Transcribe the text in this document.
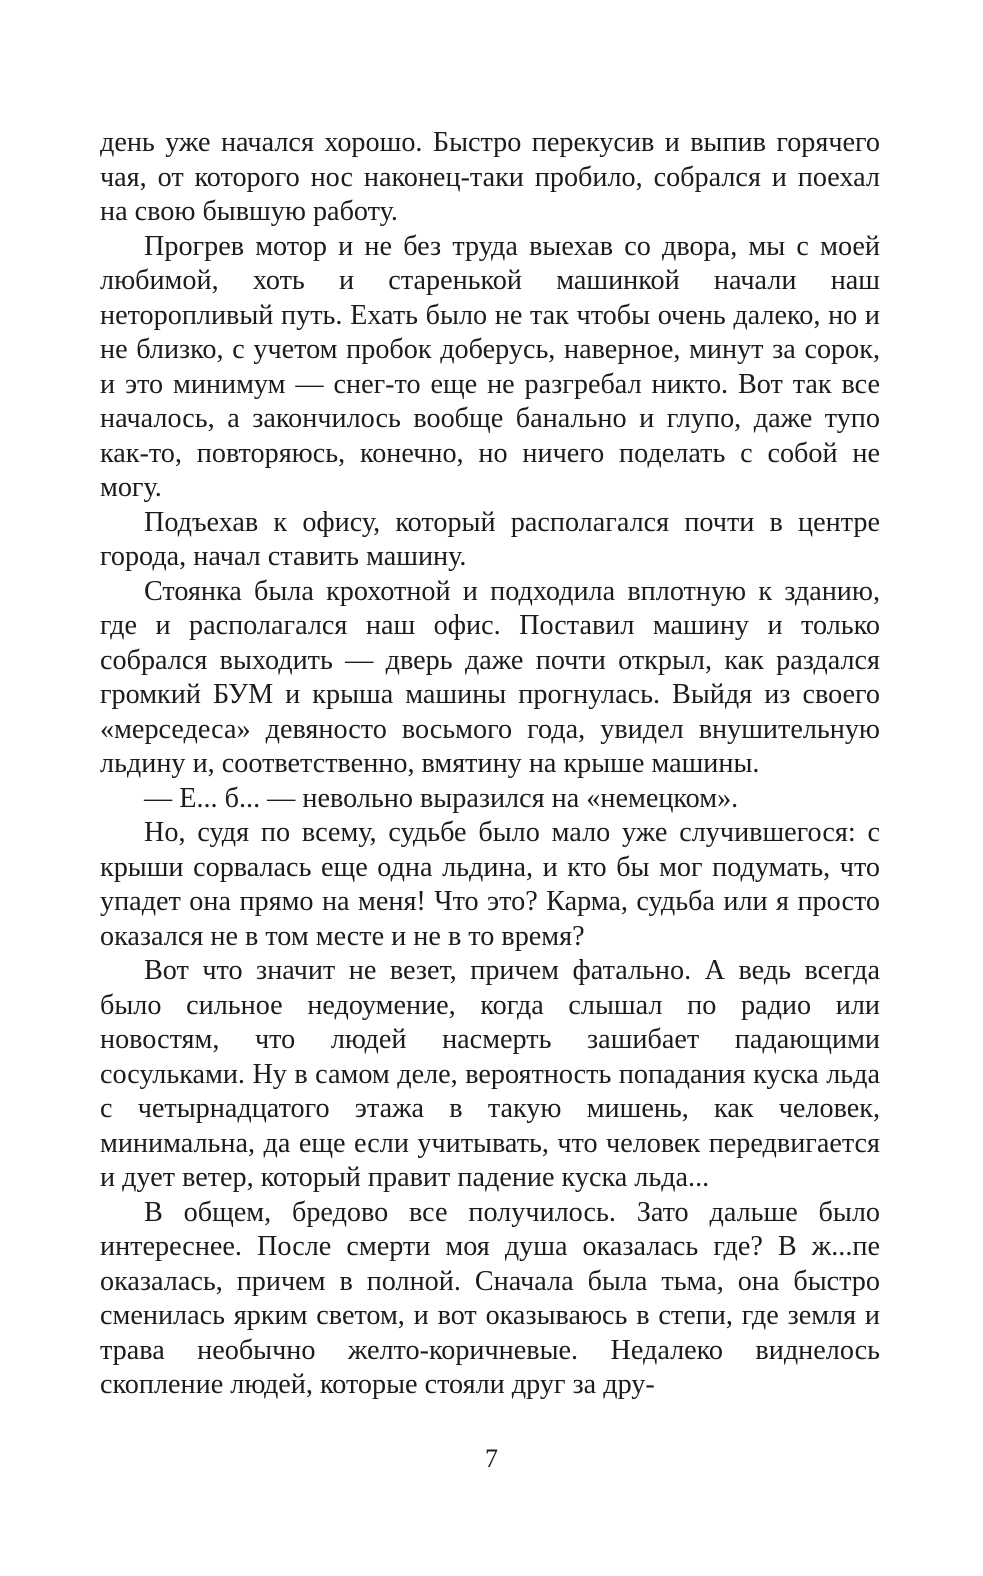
день уже начался хорошо. Быстро перекусив и выпив горячего чая, от которого нос наконец-таки пробило, собрался и поехал на свою бывшую работу.

Прогрев мотор и не без труда выехав со двора, мы с моей любимой, хоть и старенькой машинкой начали наш неторопливый путь. Ехать было не так чтобы очень далеко, но и не близко, с учетом пробок доберусь, наверное, минут за сорок, и это минимум — снег-то еще не разгребал никто. Вот так все началось, а закончилось вообще банально и глупо, даже тупо как-то, повторяюсь, конечно, но ничего поделать с собой не могу.

Подъехав к офису, который располагался почти в центре города, начал ставить машину.

Стоянка была крохотной и подходила вплотную к зданию, где и располагался наш офис. Поставил машину и только собрался выходить — дверь даже почти открыл, как раздался громкий БУМ и крыша машины прогнулась. Выйдя из своего «мерседеса» девяносто восьмого года, увидел внушительную льдину и, соответственно, вмятину на крыше машины.

— Е... б... — невольно выразился на «немецком».

Но, судя по всему, судьбе было мало уже случившегося: с крыши сорвалась еще одна льдина, и кто бы мог подумать, что упадет она прямо на меня! Что это? Карма, судьба или я просто оказался не в том месте и не в то время?

Вот что значит не везет, причем фатально. А ведь всегда было сильное недоумение, когда слышал по радио или новостям, что людей насмерть зашибает падающими сосульками. Ну в самом деле, вероятность попадания куска льда с четырнадцатого этажа в такую мишень, как человек, минимальна, да еще если учитывать, что человек передвигается и дует ветер, который правит падение куска льда...

В общем, бредово все получилось. Зато дальше было интереснее. После смерти моя душа оказалась где? В ж...пе оказалась, причем в полной. Сначала была тьма, она быстро сменилась ярким светом, и вот оказываюсь в степи, где земля и трава необычно желто-коричневые. Недалеко виднелось скопление людей, которые стояли друг за дру-

7
